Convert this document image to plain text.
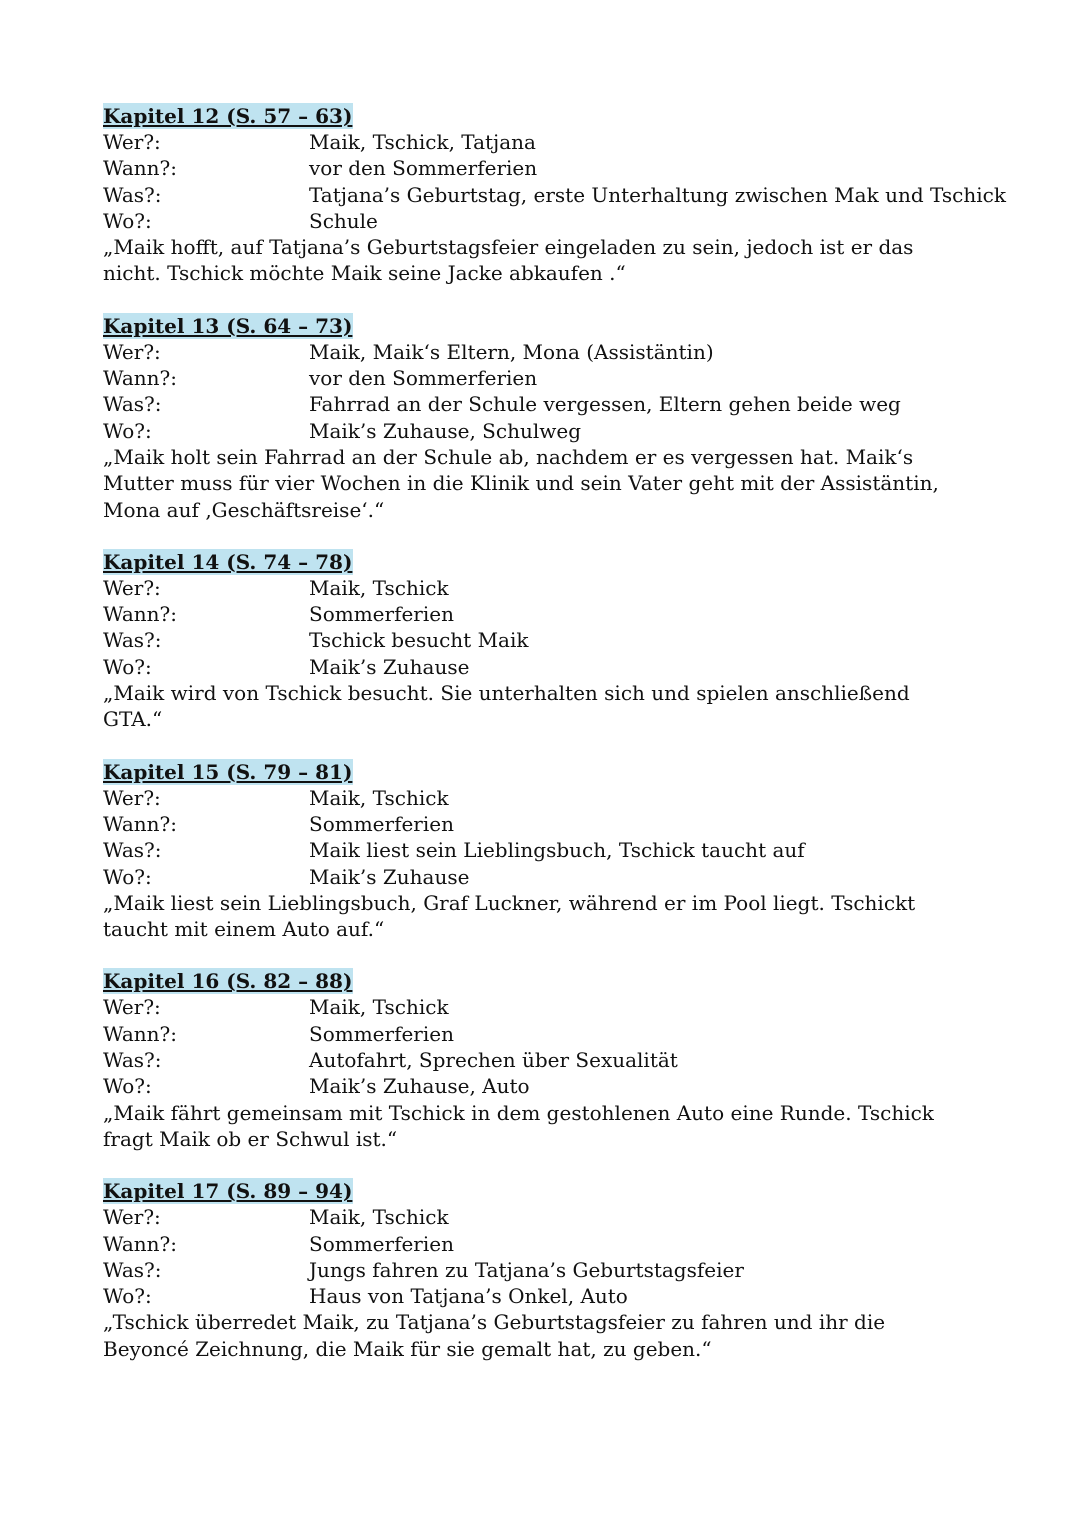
Kapitel 12 (S. 57 – 63)
Wer?:	Maik, Tschick, Tatjana
Wann?:	vor den Sommerferien
Was?:	Tatjana’s Geburtstag, erste Unterhaltung zwischen Mak und Tschick
Wo?:	Schule

„Maik hofft, auf Tatjana’s Geburtstagsfeier eingeladen zu sein, jedoch ist er das nicht. Tschick möchte Maik seine Jacke abkaufen .“

Kapitel 13 (S. 64 – 73)
Wer?:	Maik, Maik‘s Eltern, Mona (Assistäntin)
Wann?:	vor den Sommerferien
Was?:	Fahrrad an der Schule vergessen, Eltern gehen beide weg
Wo?:	Maik’s Zuhause, Schulweg

„Maik holt sein Fahrrad an der Schule ab, nachdem er es vergessen hat. Maik‘s Mutter muss für vier Wochen in die Klinik und sein Vater geht mit der Assistäntin, Mona auf ‚Geschäftsreise‘.“

Kapitel 14 (S. 74 – 78)
Wer?:	Maik, Tschick
Wann?:	Sommerferien
Was?:	Tschick besucht Maik
Wo?:	Maik’s Zuhause

„Maik wird von Tschick besucht. Sie unterhalten sich und spielen anschließend GTA.“

Kapitel 15 (S. 79 – 81)
Wer?:	Maik, Tschick
Wann?:	Sommerferien
Was?:	Maik liest sein Lieblingsbuch, Tschick taucht auf
Wo?:	Maik’s Zuhause

„Maik liest sein Lieblingsbuch, Graf Luckner, während er im Pool liegt. Tschickt taucht mit einem Auto auf.“

Kapitel 16 (S. 82 – 88)
Wer?:	Maik, Tschick
Wann?:	Sommerferien
Was?:	Autofahrt, Sprechen über Sexualität
Wo?:	Maik’s Zuhause, Auto

„Maik fährt gemeinsam mit Tschick in dem gestohlenen Auto eine Runde. Tschick fragt Maik ob er Schwul ist.“

Kapitel 17 (S. 89 – 94)
Wer?:	Maik, Tschick
Wann?:	Sommerferien
Was?:	Jungs fahren zu Tatjana’s Geburtstagsfeier
Wo?:	Haus von Tatjana’s Onkel, Auto

„Tschick überredet Maik, zu Tatjana’s Geburtstagsfeier zu fahren und ihr die Beyoncé Zeichnung, die Maik für sie gemalt hat, zu geben.“
